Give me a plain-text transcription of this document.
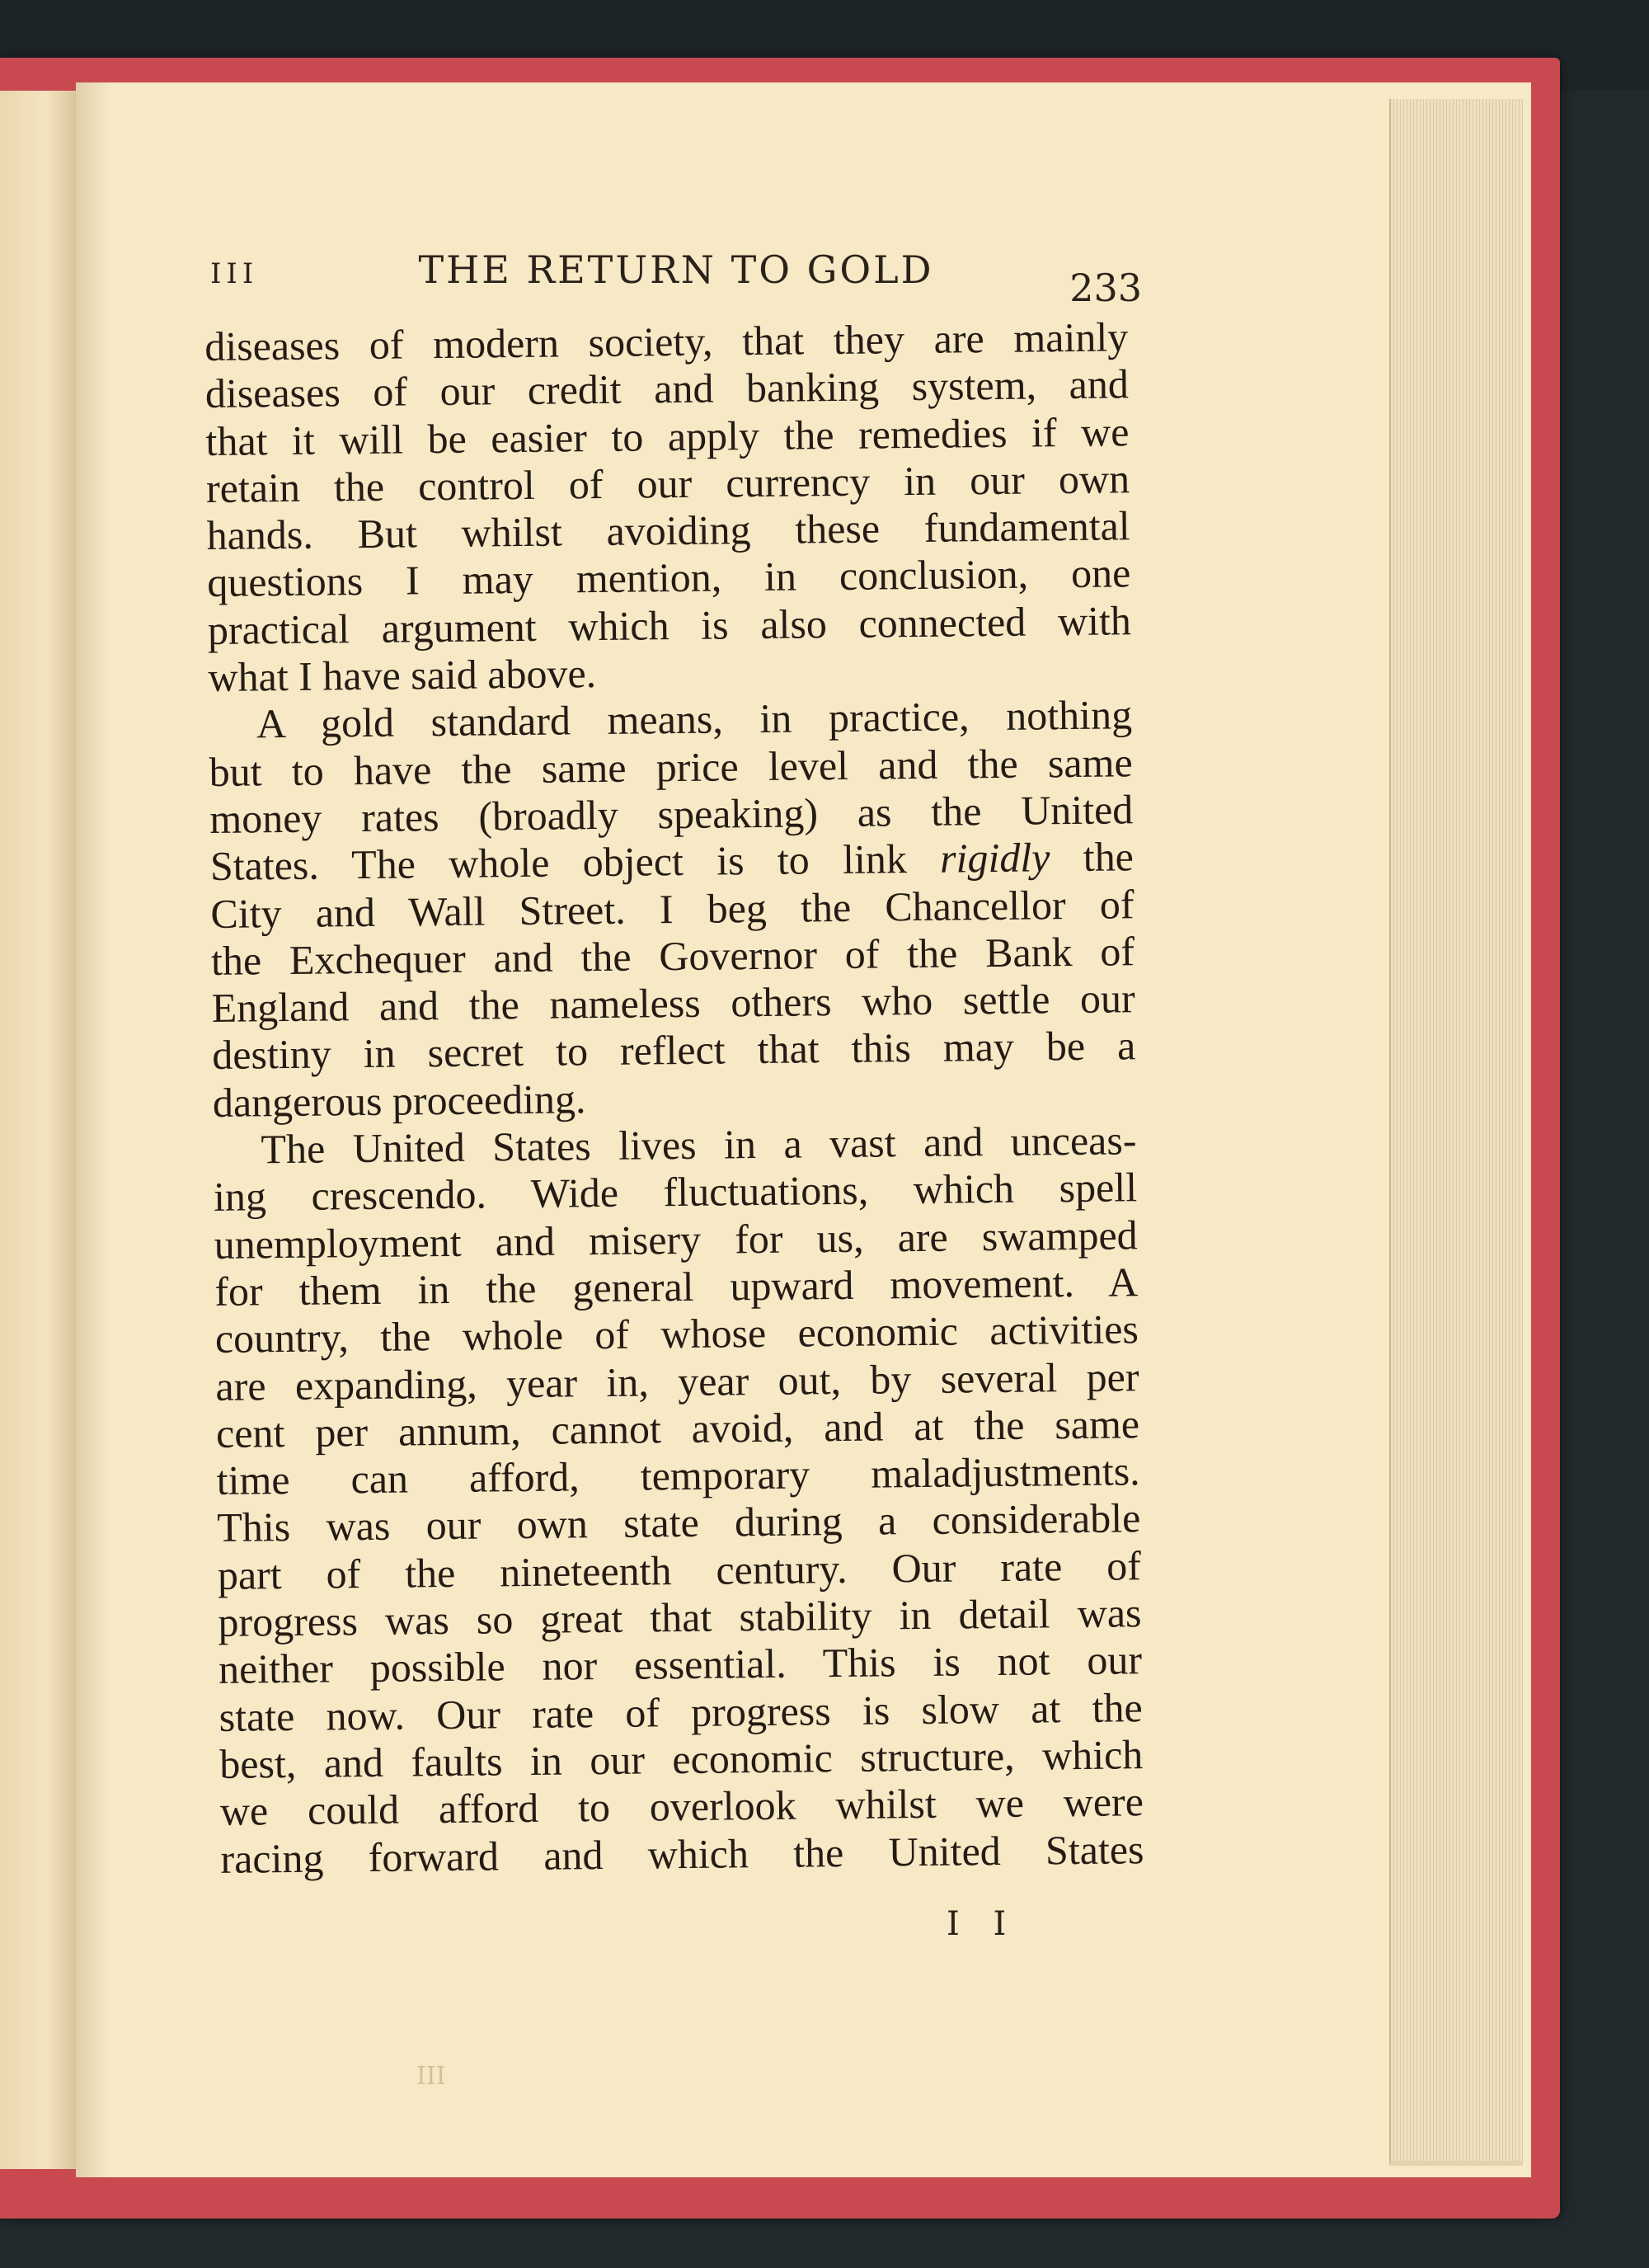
III	THE RETURN TO GOLD	233
diseases of modern society, that they are mainly
diseases of our credit and banking system, and
that it will be easier to apply the remedies if we
retain the control of our currency in our own
hands. But whilst avoiding these fundamental
questions I may mention, in conclusion, one
practical argument which is also connected with
what I have said above.
A gold standard means, in practice, nothing
but to have the same price level and the same
money rates (broadly speaking) as the United
States. The whole object is to link rigidly the
City and Wall Street. I beg the Chancellor of
the Exchequer and the Governor of the Bank of
England and the nameless others who settle our
destiny in secret to reflect that this may be a
dangerous proceeding.
The United States lives in a vast and unceas-
ing crescendo. Wide fluctuations, which spell
unemployment and misery for us, are swamped
for them in the general upward movement. A
country, the whole of whose economic activities
are expanding, year in, year out, by several per
cent per annum, cannot avoid, and at the same
time can afford, temporary maladjustments.
This was our own state during a considerable
part of the nineteenth century. Our rate of
progress was so great that stability in detail was
neither possible nor essential. This is not our
state now. Our rate of progress is slow at the
best, and faults in our economic structure, which
we could afford to overlook whilst we were
racing forward and which the United States
I I
III
